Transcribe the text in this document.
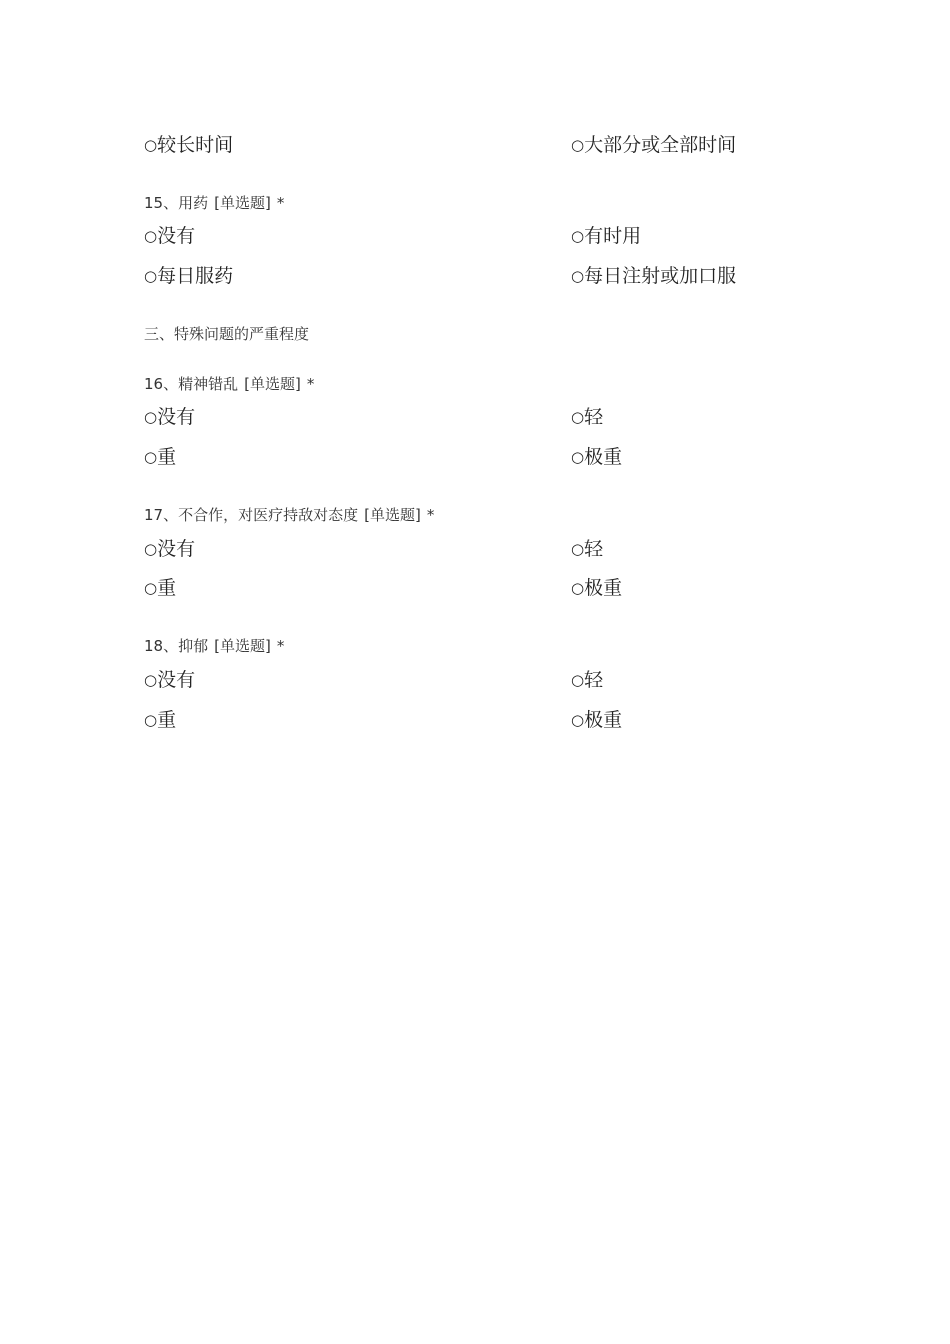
○较长时间	○大部分或全部时间
15、用药 [单选题] *
○没有	○有时用
○每日服药	○每日注射或加口服
三、特殊问题的严重程度
16、精神错乱 [单选题] *
○没有	○轻
○重	○极重
17、不合作，对医疗持敌对态度 [单选题] *
○没有	○轻
○重	○极重
18、抑郁 [单选题] *
○没有	○轻
○重	○极重
